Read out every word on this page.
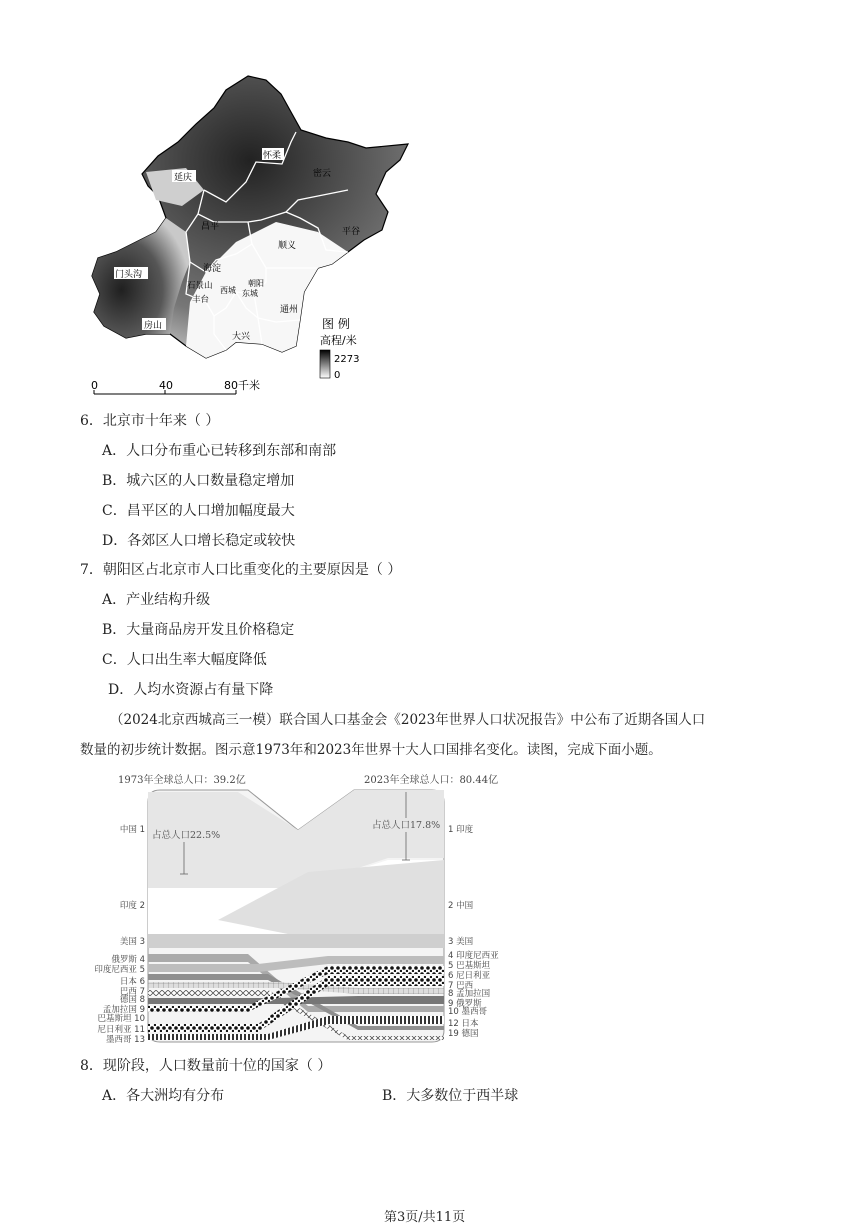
怀柔
延庆	密云
昌平
顺义
平谷
门头沟
海淀
朝阳
东城
西城
石景山
丰台
通州
房山
大兴
图 例
高程/米
2273
0
0	40	80千米
6．北京市十年来（ ）
A．人口分布重心已转移到东部和南部
B．城六区的人口数量稳定增加
C．昌平区的人口增加幅度最大
D．各郊区人口增长稳定或较快
7．朝阳区占北京市人口比重变化的主要原因是（ ）
A．产业结构升级
B．大量商品房开发且价格稳定
C．人口出生率大幅度降低
D．人均水资源占有量下降
（2024北京西城高三一模）联合国人口基金会《2023年世界人口状况报告》中公布了近期各国人口
数量的初步统计数据。图示意1973年和2023年世界十大人口国排名变化。读图，完成下面小题。
1973年全球总人口：39.2亿	2023年全球总人口：80.44亿
占总人口22.5%
占总人口17.8%
中国 1
印度 2
美国 3
俄罗斯 4
印度尼西亚 5
日本 6
巴西 7
德国 8
孟加拉国 9
巴基斯坦 10
尼日利亚 11
墨西哥 13
1 印度
2 中国
3 美国
4 印度尼西亚
5 巴基斯坦
6 尼日利亚
7 巴西
8 孟加拉国
9 俄罗斯
10 墨西哥
12 日本
19 德国
8．现阶段，人口数量前十位的国家（ ）
A．各大洲均有分布	B．大多数位于西半球
第3页/共11页
